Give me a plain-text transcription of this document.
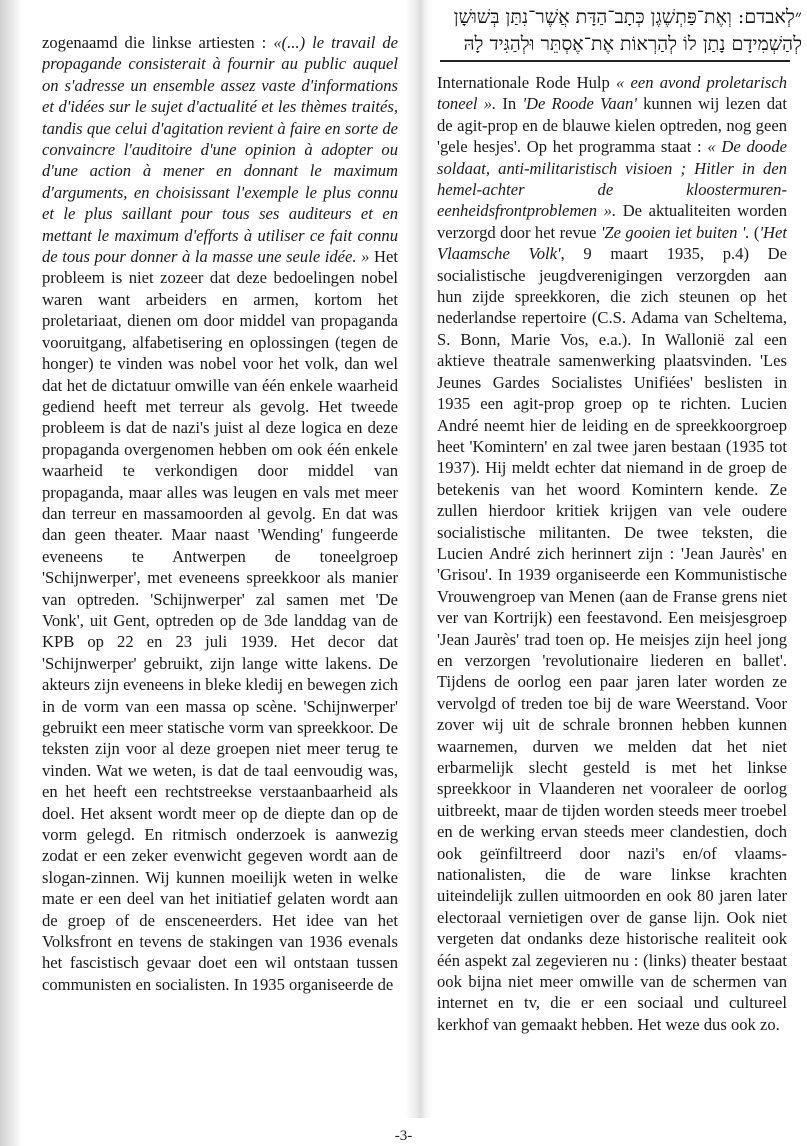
״לְאבדם: וְאֶת־פַּתְשֶׁגֶן כְּתָב־הַדָּת אֲשֶׁר־נִתַּן בְּשׁוּשָׁן
לְהַשְׁמִידָם נָתַן לוֹ לְהַרְאוֹת אֶת־אֶסְתֵּר וּלְהַגִּיד לָהּ
zogenaamd die linkse artiesten : «(...) le travail de propagande consisterait à fournir au public auquel on s'adresse un ensemble assez vaste d'informations et d'idées sur le sujet d'actualité et les thèmes traités, tandis que celui d'agitation revient à faire en sorte de convaincre l'auditoire d'une opinion à adopter ou d'une action à mener en donnant le maximum d'arguments, en choisissant l'exemple le plus connu et le plus saillant pour tous ses auditeurs et en mettant le maximum d'efforts à utiliser ce fait connu de tous pour donner à la masse une seule idée. » Het probleem is niet zozeer dat deze bedoelingen nobel waren want arbeiders en armen, kortom het proletariaat, dienen om door middel van propaganda vooruitgang, alfabetisering en oplossingen (tegen de honger) te vinden was nobel voor het volk, dan wel dat het de dictatuur omwille van één enkele waarheid gediend heeft met terreur als gevolg. Het tweede probleem is dat de nazi's juist al deze logica en deze propaganda overgenomen hebben om ook één enkele waarheid te verkondigen door middel van propaganda, maar alles was leugen en vals met meer dan terreur en massamoorden al gevolg. En dat was dan geen theater. Maar naast 'Wending' fungeerde eveneens te Antwerpen de toneelgroep 'Schijnwerper', met eveneens spreekkoor als manier van optreden. 'Schijnwerper' zal samen met 'De Vonk', uit Gent, optreden op de 3de landdag van de KPB op 22 en 23 juli 1939. Het decor dat 'Schijnwerper' gebruikt, zijn lange witte lakens. De akteurs zijn eveneens in bleke kledij en bewegen zich in de vorm van een massa op scène. 'Schijnwerper' gebruikt een meer statische vorm van spreekkoor. De teksten zijn voor al deze groepen niet meer terug te vinden. Wat we weten, is dat de taal eenvoudig was, en het heeft een rechtstreekse verstaanbaarheid als doel. Het aksent wordt meer op de diepte dan op de vorm gelegd. En ritmisch onderzoek is aanwezig zodat er een zeker evenwicht gegeven wordt aan de slogan-zinnen. Wij kunnen moeilijk weten in welke mate er een deel van het initiatief gelaten wordt aan de groep of de ensceneerders. Het idee van het Volksfront en tevens de stakingen van 1936 evenals het fascistisch gevaar doet een wil ontstaan tussen communisten en socialisten. In 1935 organiseerde de
Internationale Rode Hulp « een avond proletarisch toneel ». In 'De Roode Vaan' kunnen wij lezen dat de agit-prop en de blauwe kielen optreden, nog geen 'gele hesjes'. Op het programma staat : « De doode soldaat, anti-militaristisch visioen ; Hitler in den hemel-achter de kloostermuren-eenheidsfrontproblemen ». De aktualiteiten worden verzorgd door het revue 'Ze gooien iet buiten '. ('Het Vlaamsche Volk', 9 maart 1935, p.4) De socialistische jeugdverenigingen verzorgden aan hun zijde spreekkoren, die zich steunen op het nederlandse repertoire (C.S. Adama van Scheltema, S. Bonn, Marie Vos, e.a.). In Wallonië zal een aktieve theatrale samenwerking plaatsvinden. 'Les Jeunes Gardes Socialistes Unifiées' beslisten in 1935 een agit-prop groep op te richten. Lucien André neemt hier de leiding en de spreekkoorgroep heet 'Komintern' en zal twee jaren bestaan (1935 tot 1937). Hij meldt echter dat niemand in de groep de betekenis van het woord Komintern kende. Ze zullen hierdoor kritiek krijgen van vele oudere socialistische militanten. De twee teksten, die Lucien André zich herinnert zijn : 'Jean Jaurès' en 'Grisou'. In 1939 organiseerde een Kommunistische Vrouwengroep van Menen (aan de Franse grens niet ver van Kortrijk) een feestavond. Een meisjesgroep 'Jean Jaurès' trad toen op. He meisjes zijn heel jong en verzorgen 'revolutionaire liederen en ballet'. Tijdens de oorlog een paar jaren later worden ze vervolgd of treden toe bij de ware Weerstand. Voor zover wij uit de schrale bronnen hebben kunnen waarnemen, durven we melden dat het niet erbarmelijk slecht gesteld is met het linkse spreekkoor in Vlaanderen net vooraleer de oorlog uitbreekt, maar de tijden worden steeds meer troebel en de werking ervan steeds meer clandestien, doch ook geïnfiltreerd door nazi's en/of vlaams-nationalisten, die de ware linkse krachten uiteindelijk zullen uitmoorden en ook 80 jaren later electoraal vernietigen over de ganse lijn. Ook niet vergeten dat ondanks deze historische realiteit ook één aspekt zal zegevieren nu : (links) theater bestaat ook bijna niet meer omwille van de schermen van internet en tv, die er een sociaal und cultureel kerkhof van gemaakt hebben. Het weze dus ook zo.
-3-
